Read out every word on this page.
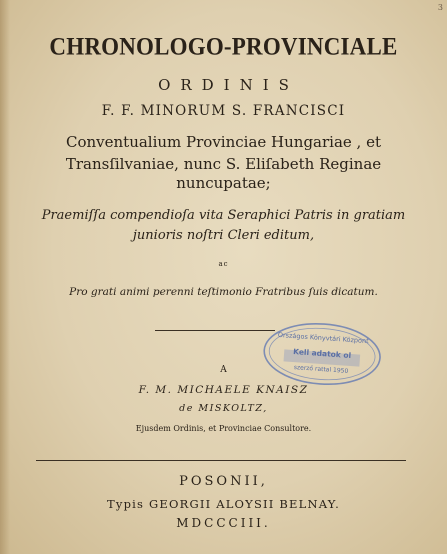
3
CHRONOLOGO-PROVINCIALE
ORDINIS
F. F. MINORUM S. FRANCISCI
Conventualium Provinciae Hungariae , et
Transſilvaniae, nunc S. Eliſabeth Reginae
nuncupatae;
Praemiſſa compendioſa vita Seraphici Patris in gratiam
junioris noſtri Cleri editum,
ac
Pro grati animi perenni teſtimonio Fratribus ſuis dicatum.
A
F. M. MICHAELE KNAISZ
de MISKOLTZ,
Ejusdem Ordinis, et Provinciae Consultore.
POSONII,
Typis GEORGII ALOYSII BELNAY.
MDCCCIII.
Országos Könyvtári Központ
Kell adatok ol
szerző rattal 1950
